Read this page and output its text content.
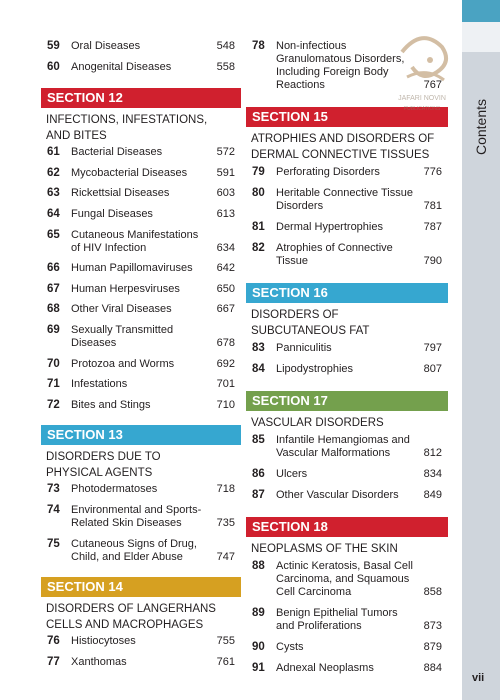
59 Oral Diseases	548
60 Anogenital Diseases	558
SECTION 12
INFECTIONS, INFESTATIONS,
AND BITES
61 Bacterial Diseases	572
62 Mycobacterial Diseases	591
63 Rickettsial Diseases	603
64 Fungal Diseases	613
65 Cutaneous Manifestations
of HIV Infection	634
66 Human Papillomaviruses 642
67 Human Herpesviruses	650
68 Other Viral Diseases	667
69 Sexually Transmitted
Diseases	678
70 Protozoa and Worms	692
71 Infestations	701
72 Bites and Stings	710
SECTION 13
DISORDERS DUE TO
PHYSICAL AGENTS
73 Photodermatoses	718
74 Environmental and Sports-
Related Skin Diseases	735
75 Cutaneous Signs of Drug,
Child, and Elder Abuse	747
SECTION 14
DISORDERS OF LANGERHANS
CELLS AND MACROPHAGES
76 Histiocytoses	755
77 Xanthomas	761
78 Non-infectious
Granulomatous Disorders,
Including Foreign Body
Reactions	767
SECTION 15
ATROPHIES AND DISORDERS OF
DERMAL CONNECTIVE TISSUES
79 Perforating Disorders	776
80 Heritable Connective Tissue
Disorders	781
81 Dermal Hypertrophies	787
82 Atrophies of Connective
Tissue	790
SECTION 16
DISORDERS OF
SUBCUTANEOUS FAT
83 Panniculitis	797
84 Lipodystrophies	807
SECTION 17
VASCULAR DISORDERS
85 Infantile Hemangiomas and
Vascular Malformations	812
86 Ulcers	834
87 Other Vascular Disorders 849
SECTION 18
NEOPLASMS OF THE SKIN
88 Actinic Keratosis, Basal Cell
Carcinoma, and Squamous
Cell Carcinoma	858
89 Benign Epithelial Tumors
and Proliferations	873
90 Cysts	879
91 Adnexal Neoplasms	884
Contents
JAFARI NOVIN
PUBLICATIONS
vii
